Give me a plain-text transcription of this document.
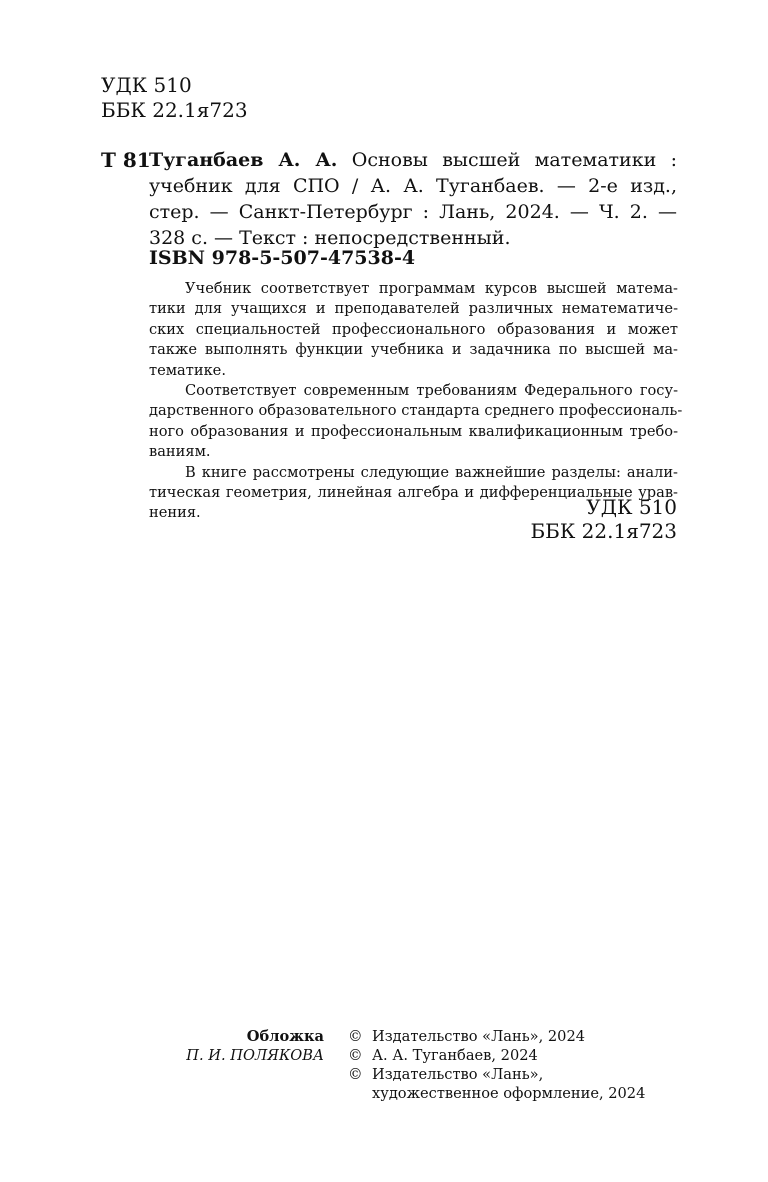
УДК 510
ББК 22.1я723
Т 81
Туганбаев А. А. Основы высшей математики :
учебник для СПО / А. А. Туганбаев. — 2-е изд.,
стер. — Санкт-Петербург : Лань, 2024. — Ч. 2. —
328 с. — Текст : непосредственный.
ISBN 978-5-507-47538-4
Учебник соответствует программам курсов высшей матема-
тики для учащихся и преподавателей различных нематематиче-
ских специальностей профессионального образования и может
также выполнять функции учебника и задачника по высшей ма-
тематике.
Соответствует современным требованиям Федерального госу-
дарственного образовательного стандарта среднего профессиональ-
ного образования и профессиональным квалификационным требо-
ваниям.
В книге рассмотрены следующие важнейшие разделы: анали-
тическая геометрия, линейная алгебра и дифференциальные урав-
нения.	УДК 510
ББК 22.1я723
Обложка
П. И. ПОЛЯКОВА
© Издательство «Лань», 2024
© А. А. Туганбаев, 2024
© Издательство «Лань»,
художественное оформление, 2024
